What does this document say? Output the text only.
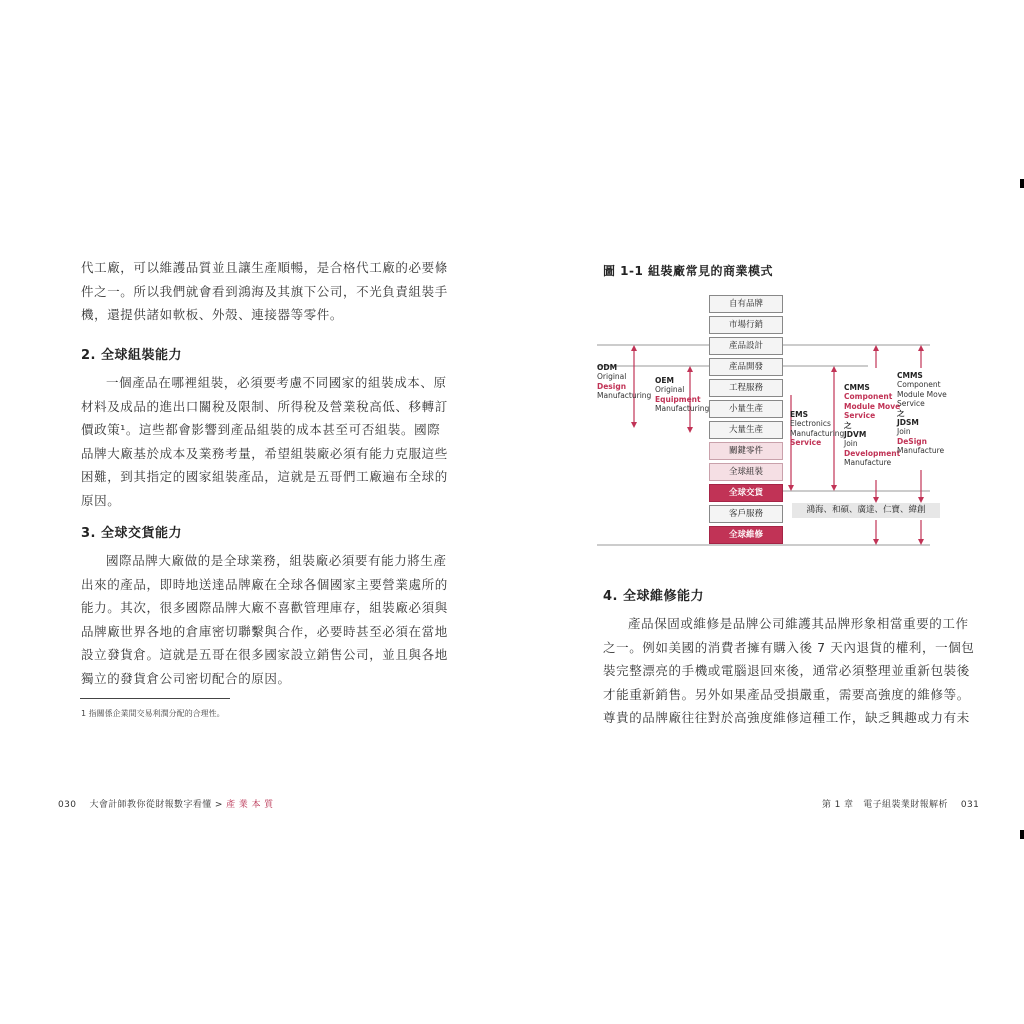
代工廠，可以維護品質並且讓生產順暢，是合格代工廠的必要條
件之一。所以我們就會看到鴻海及其旗下公司，不光負責組裝手
機，還提供諸如軟板、外殼、連接器等零件。
2. 全球組裝能力
一個產品在哪裡組裝，必須要考慮不同國家的組裝成本、原
材料及成品的進出口關稅及限制、所得稅及營業稅高低、移轉訂
價政策¹。這些都會影響到產品組裝的成本甚至可否組裝。國際
品牌大廠基於成本及業務考量，希望組裝廠必須有能力克服這些
困難，到其指定的國家組裝產品，這就是五哥們工廠遍布全球的
原因。
3. 全球交貨能力
國際品牌大廠做的是全球業務，組裝廠必須要有能力將生產
出來的產品，即時地送達品牌廠在全球各個國家主要營業處所的
能力。其次，很多國際品牌大廠不喜歡管理庫存，組裝廠必須與
品牌廠世界各地的倉庫密切聯繫與合作，必要時甚至必須在當地
設立發貨倉。這就是五哥在很多國家設立銷售公司，並且與各地
獨立的發貨倉公司密切配合的原因。
1 指關係企業間交易利潤分配的合理性。
030 大會計師教你從財報數字看懂 > 產 業 本 質
圖 1-1 組裝廠常見的商業模式
自有品牌
市場行銷
產品設計
產品開發
工程服務
小量生產
大量生產
關鍵零件
全球組裝
全球交貨
客戶服務
全球維修
ODM
Original
Design
Manufacturing
OEM
Original
Equipment
Manufacturing
EMS
Electronics
Manufacturing
Service
CMMS
Component
Module Move
Service
之
JDVM
Join
Development
Manufacture
CMMS
Component
Module Move
Service
之
JDSM
Join
DeSign
Manufacture
鴻海、和碩、廣達、仁寶、緯創
4. 全球維修能力
產品保固或維修是品牌公司維護其品牌形象相當重要的工作
之一。例如美國的消費者擁有購入後 7 天內退貨的權利，一個包
裝完整漂亮的手機或電腦退回來後，通常必須整理並重新包裝後
才能重新銷售。另外如果產品受損嚴重，需要高強度的維修等。
尊貴的品牌廠往往對於高強度維修這種工作，缺乏興趣或力有未
第 1 章 電子組裝業財報解析 031
